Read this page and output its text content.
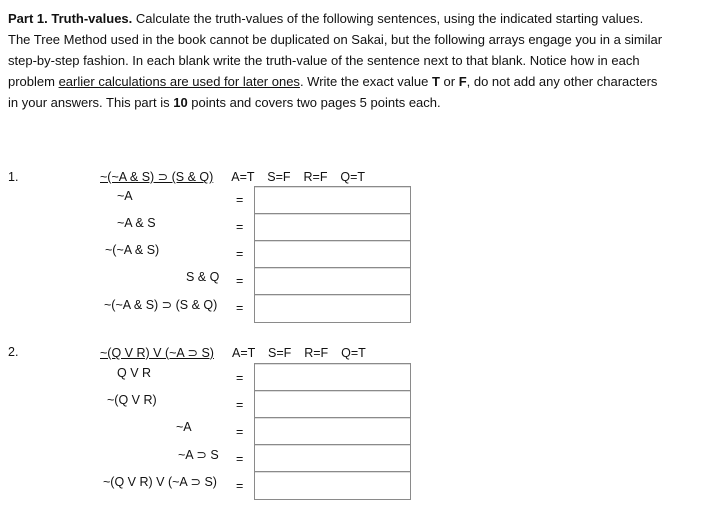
Part 1. Truth-values. Calculate the truth-values of the following sentences, using the indicated starting values. The Tree Method used in the book cannot be duplicated on Sakai, but the following arrays engage you in a similar step-by-step fashion. In each blank write the truth-value of the sentence next to that blank. Notice how in each problem earlier calculations are used for later ones. Write the exact value T or F, do not add any other characters in your answers. This part is 10 points and covers two pages 5 points each.
1.	~(~A & S) ⊃ (S & Q) A=T  S=F  R=F  Q=T
~A	=
~A & S	=
~(~A & S)	=
S & Q =
~(~A & S) ⊃ (S & Q) =
2.	~(Q V R) V (~A ⊃ S) A=T  S=F  R=F  Q=T
Q V R	=
~(Q V R)	=
~A	=
~A ⊃ S =
~(Q V R) V (~A ⊃ S) =
